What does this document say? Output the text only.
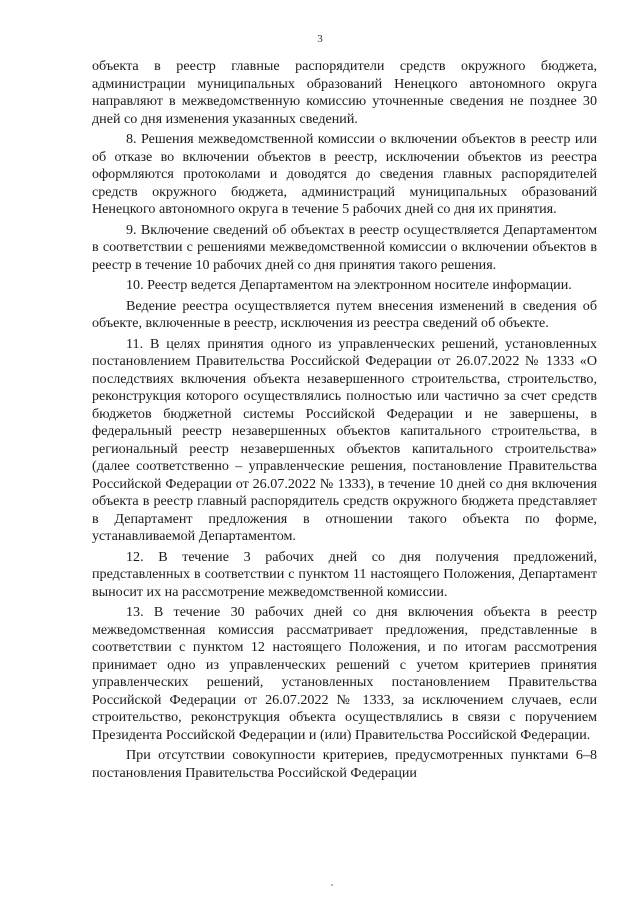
3

объекта в реестр главные распорядители средств окружного бюджета, администрации муниципальных образований Ненецкого автономного округа направляют в межведомственную комиссию уточненные сведения не позднее 30 дней со дня изменения указанных сведений.

8. Решения межведомственной комиссии о включении объектов в реестр или об отказе во включении объектов в реестр, исключении объектов из реестра оформляются протоколами и доводятся до сведения главных распорядителей средств окружного бюджета, администраций муниципальных образований Ненецкого автономного округа в течение 5 рабочих дней со дня их принятия.

9. Включение сведений об объектах в реестр осуществляется Департаментом в соответствии с решениями межведомственной комиссии о включении объектов в реестр в течение 10 рабочих дней со дня принятия такого решения.

10. Реестр ведется Департаментом на электронном носителе информации.

Ведение реестра осуществляется путем внесения изменений в сведения об объекте, включенные в реестр, исключения из реестра сведений об объекте.

11. В целях принятия одного из управленческих решений, установленных постановлением Правительства Российской Федерации от 26.07.2022 № 1333 «О последствиях включения объекта незавершенного строительства, строительство, реконструкция которого осуществлялись полностью или частично за счет средств бюджетов бюджетной системы Российской Федерации и не завершены, в федеральный реестр незавершенных объектов капитального строительства, в региональный реестр незавершенных объектов капитального строительства» (далее соответственно – управленческие решения, постановление Правительства Российской Федерации от 26.07.2022 № 1333), в течение 10 дней со дня включения объекта в реестр главный распорядитель средств окружного бюджета представляет в Департамент предложения в отношении такого объекта по форме, устанавливаемой Департаментом.

12. В течение 3 рабочих дней со дня получения предложений, представленных в соответствии с пунктом 11 настоящего Положения, Департамент выносит их на рассмотрение межведомственной комиссии.

13. В течение 30 рабочих дней со дня включения объекта в реестр межведомственная комиссия рассматривает предложения, представленные в соответствии с пунктом 12 настоящего Положения, и по итогам рассмотрения принимает одно из управленческих решений с учетом критериев принятия управленческих решений, установленных постановлением Правительства Российской Федерации от 26.07.2022 № 1333, за исключением случаев, если строительство, реконструкция объекта осуществлялись в связи с поручением Президента Российской Федерации и (или) Правительства Российской Федерации.

При отсутствии совокупности критериев, предусмотренных пунктами 6–8 постановления Правительства Российской Федерации
